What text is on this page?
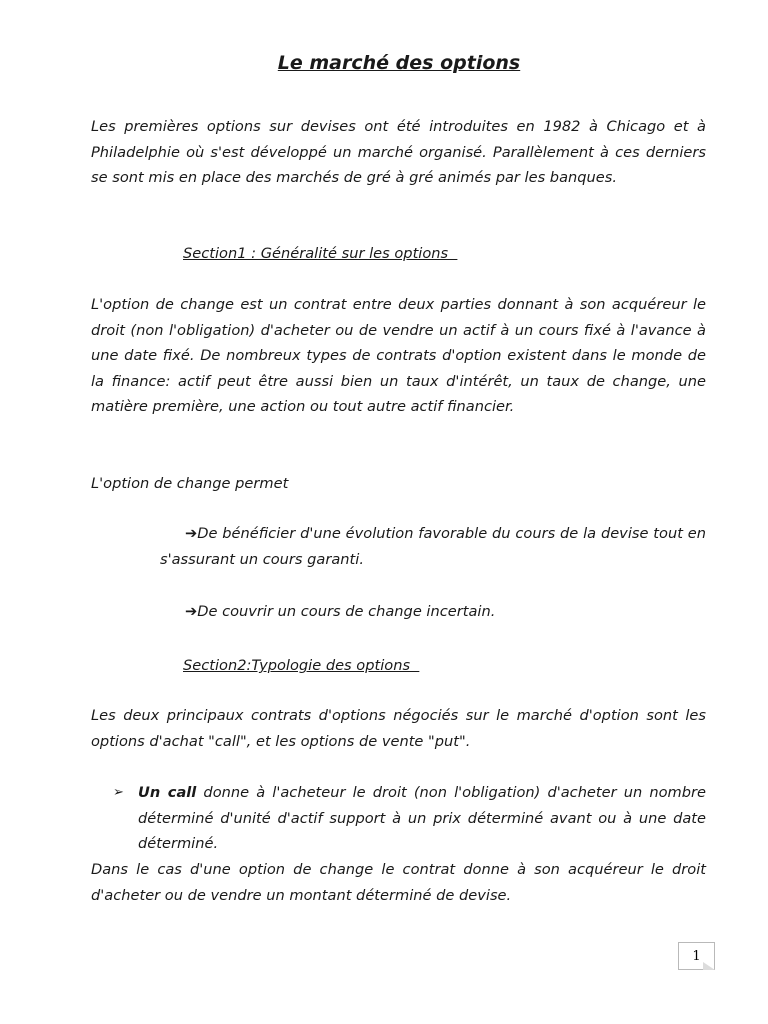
Le marché des options

Les premières options sur devises ont été introduites en 1982 à Chicago et à Philadelphie où s'est développé un marché organisé. Parallèlement à ces derniers se sont mis en place des marchés de gré à gré animés par les banques.

Section1 : Généralité sur les options

L'option de change est un contrat entre deux parties donnant à son acquéreur le droit (non l'obligation) d'acheter ou de vendre un actif à un cours fixé à l'avance à une date fixé. De nombreux types de contrats d'option existent dans le monde de la finance: actif peut être aussi bien un taux d'intérêt, un taux de change, une matière première, une action ou tout autre actif financier.

L'option de change permet

➔De bénéficier d'une évolution favorable du cours de la devise tout en s'assurant un cours garanti.

➔De couvrir un cours de change incertain.

Section2:Typologie des options

Les deux principaux contrats d'options négociés sur le marché d'option sont les options d'achat "call", et les options de vente "put".

➢ Un call donne à l'acheteur le droit (non l'obligation) d'acheter un nombre déterminé d'unité d'actif support à un prix déterminé avant ou à une date déterminé.

Dans le cas d'une option de change le contrat donne à son acquéreur le droit d'acheter ou de vendre un montant déterminé de devise.

1
